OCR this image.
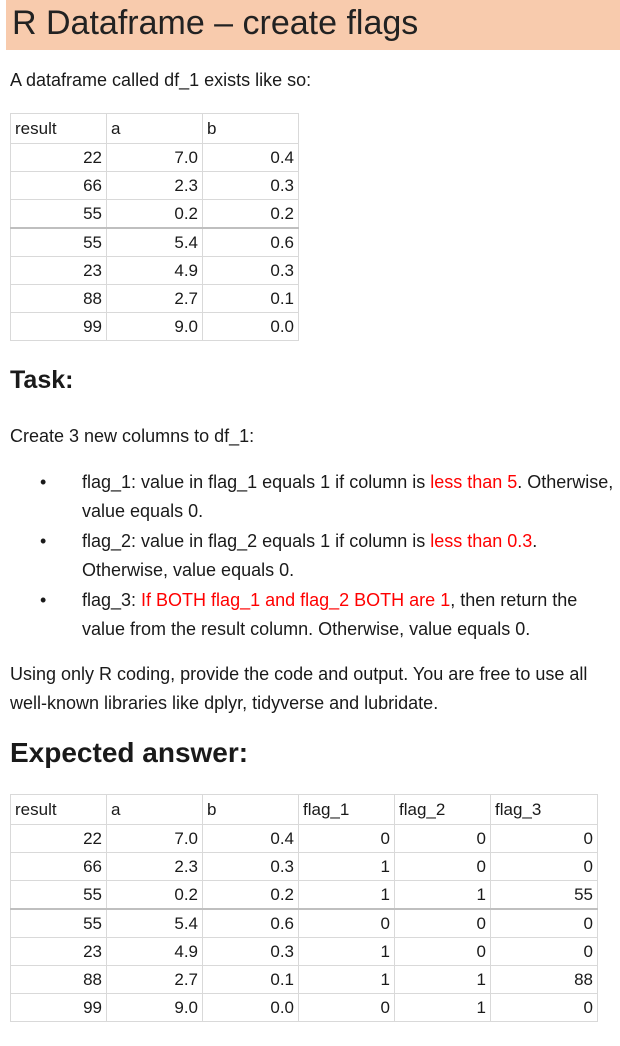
R Dataframe – create flags

A dataframe called df_1 exists like so:

result	a	b
22	7.0	0.4
66	2.3	0.3
55	0.2	0.2
55	5.4	0.6
23	4.9	0.3
88	2.7	0.1
99	9.0	0.0
Task:

Create 3 new columns to df_1:

• flag_1: value in flag_1 equals 1 if column is less than 5. Otherwise, value equals 0.
• flag_2: value in flag_2 equals 1 if column is less than 0.3. Otherwise, value equals 0.
• flag_3: If BOTH flag_1 and flag_2 BOTH are 1, then return the value from the result column. Otherwise, value equals 0.

Using only R coding, provide the code and output. You are free to use all well-known libraries like dplyr, tidyverse and lubridate.

Expected answer:
result	a	b	flag_1	flag_2	flag_3
22	7.0	0.4	0	0	0
66	2.3	0.3	1	0	0
55	0.2	0.2	1	1	55
55	5.4	0.6	0	0	0
23	4.9	0.3	1	0	0
88	2.7	0.1	1	1	88
99	9.0	0.0	0	1	0
